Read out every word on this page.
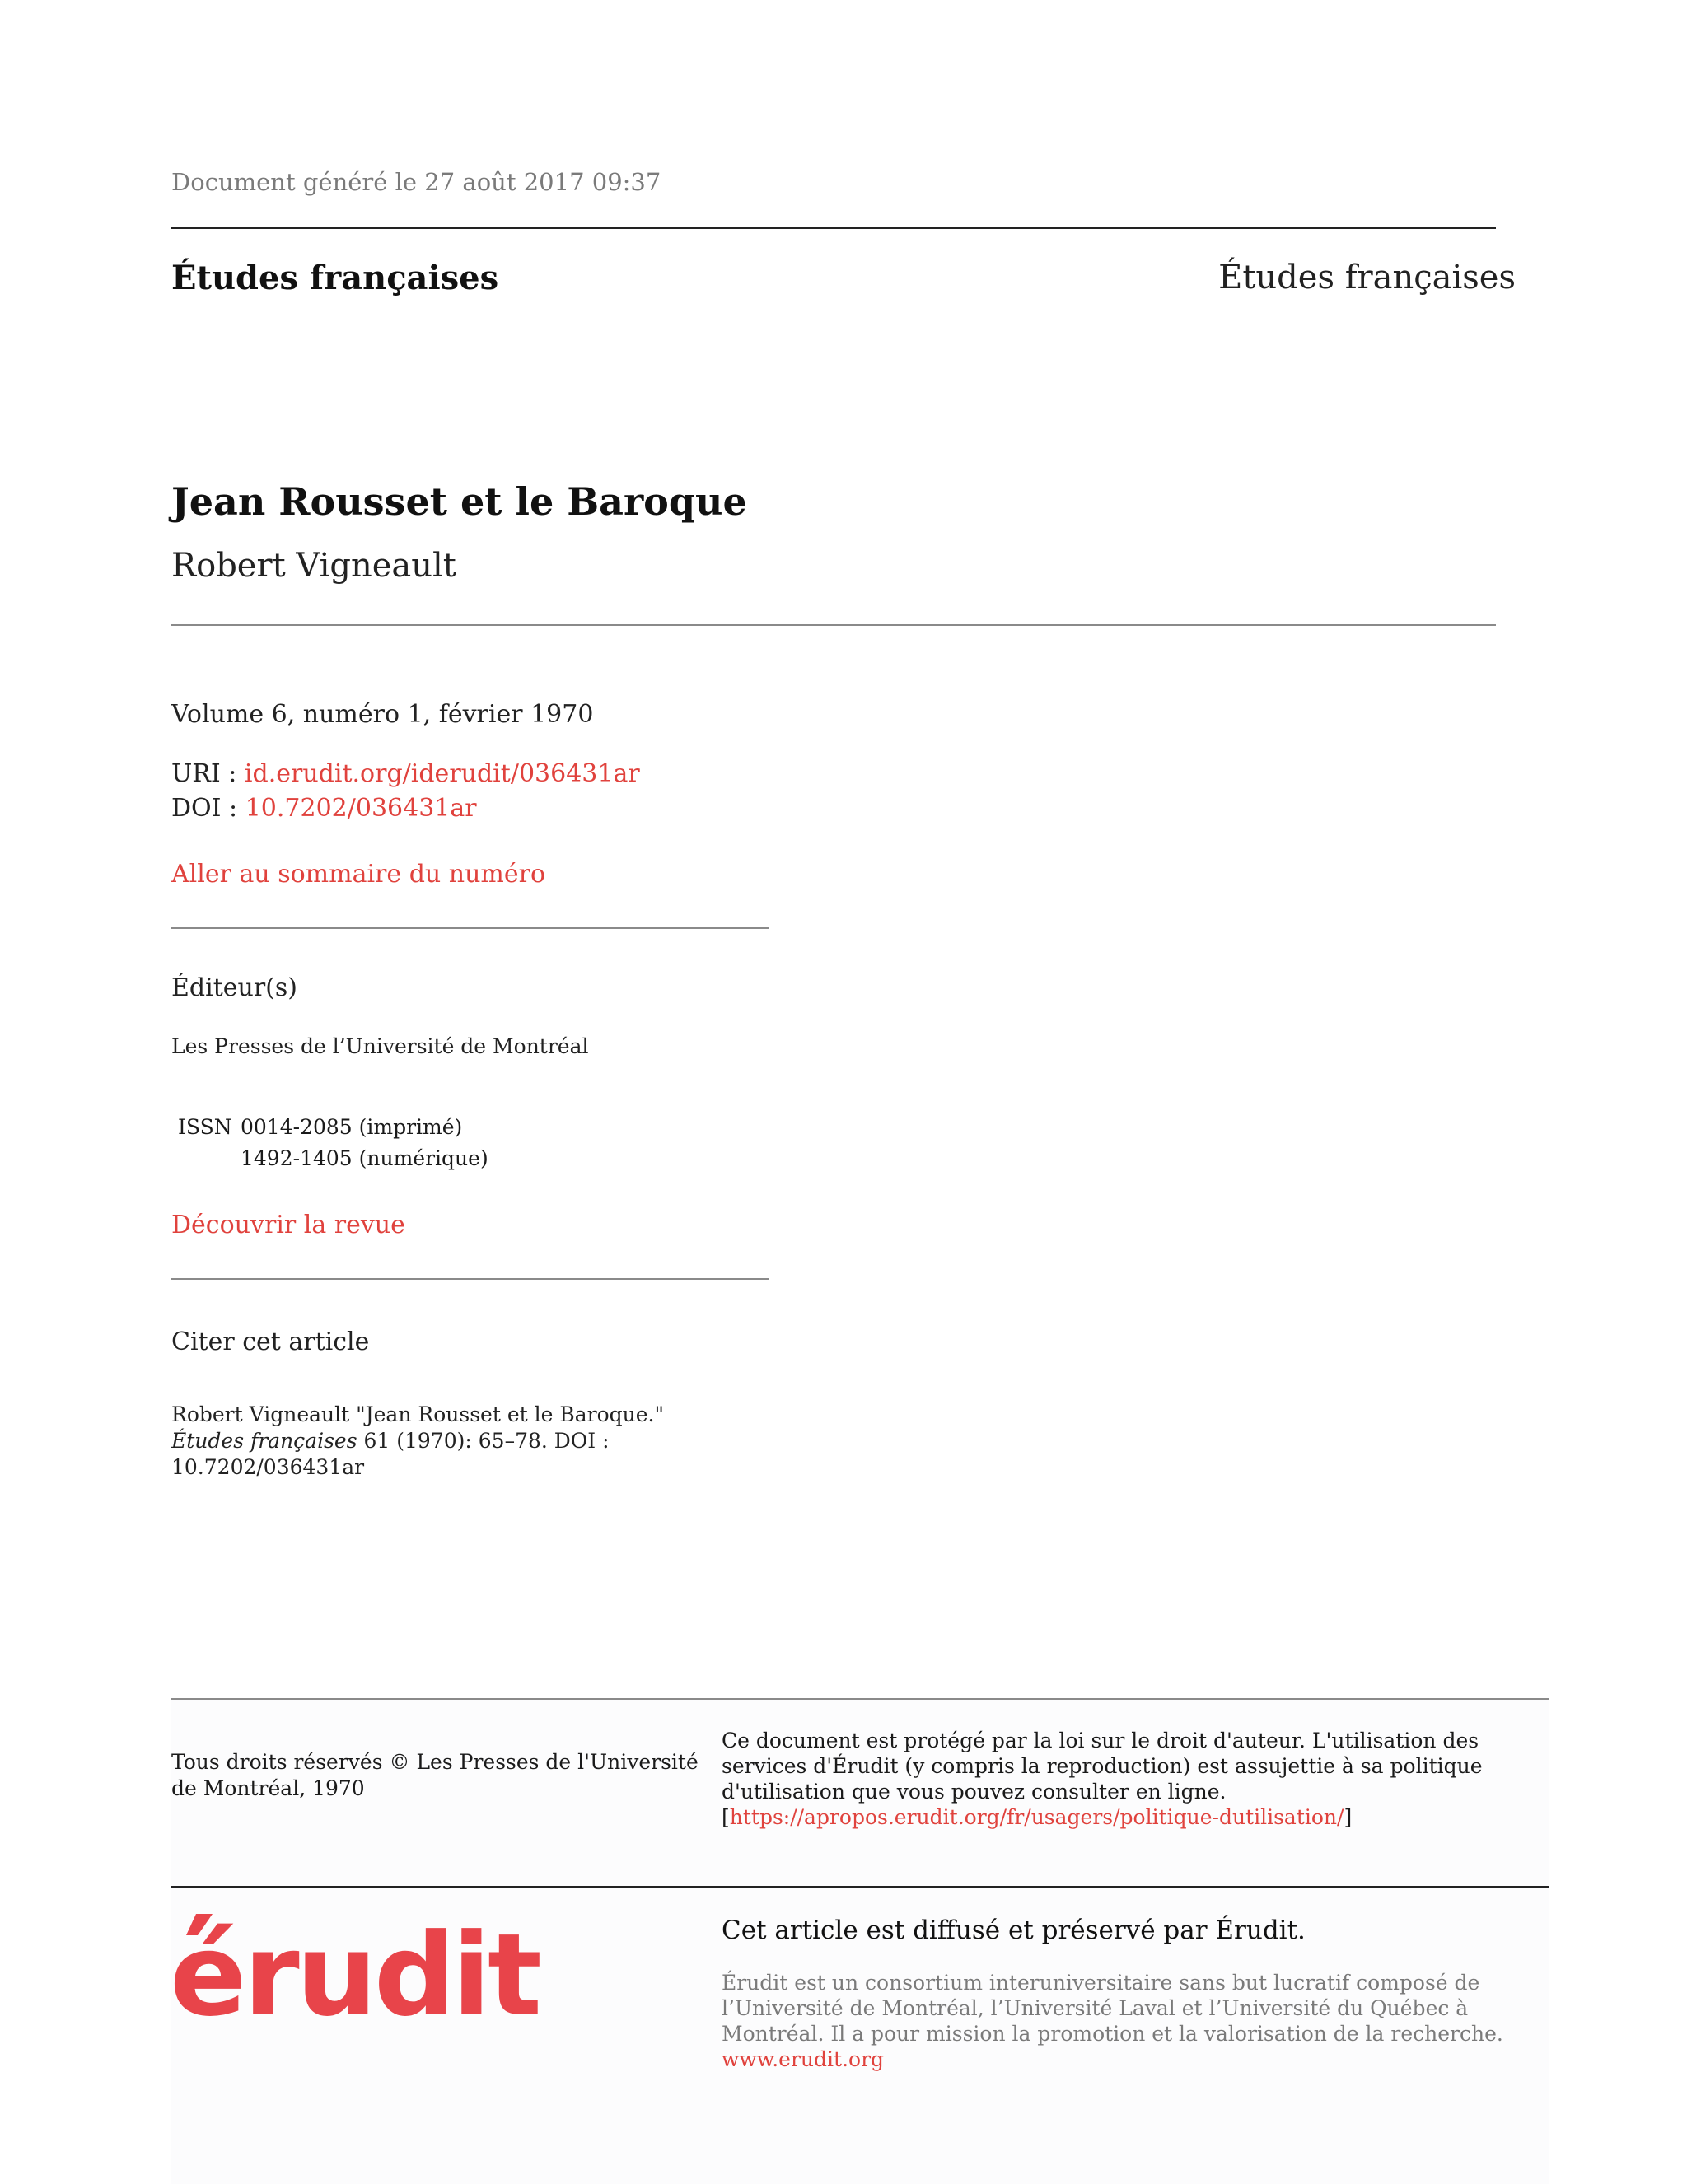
Document généré le 27 août 2017 09:37

Études françaises	Études françaises

Jean Rousset et le Baroque

Robert Vigneault

Volume 6, numéro 1, février 1970

URI : id.erudit.org/iderudit/036431ar

DOI : 10.7202/036431ar

Aller au sommaire du numéro

Éditeur(s)

Les Presses de l’Université de Montréal

ISSN 0014-2085 (imprimé)

1492-1405 (numérique)

Découvrir la revue

Citer cet article

Robert Vigneault "Jean Rousset et le Baroque." Études françaises 61 (1970): 65–78. DOI : 10.7202/036431ar

Tous droits réservés © Les Presses de l'Université de Montréal, 1970

Ce document est protégé par la loi sur le droit d'auteur. L'utilisation des services d'Érudit (y compris la reproduction) est assujettie à sa politique d'utilisation que vous pouvez consulter en ligne. [https://apropos.erudit.org/fr/usagers/politique-dutilisation/]

érudit	Cet article est diffusé et préservé par Érudit.

Érudit est un consortium interuniversitaire sans but lucratif composé de l’Université de Montréal, l’Université Laval et l’Université du Québec à Montréal. Il a pour mission la promotion et la valorisation de la recherche. www.erudit.org
